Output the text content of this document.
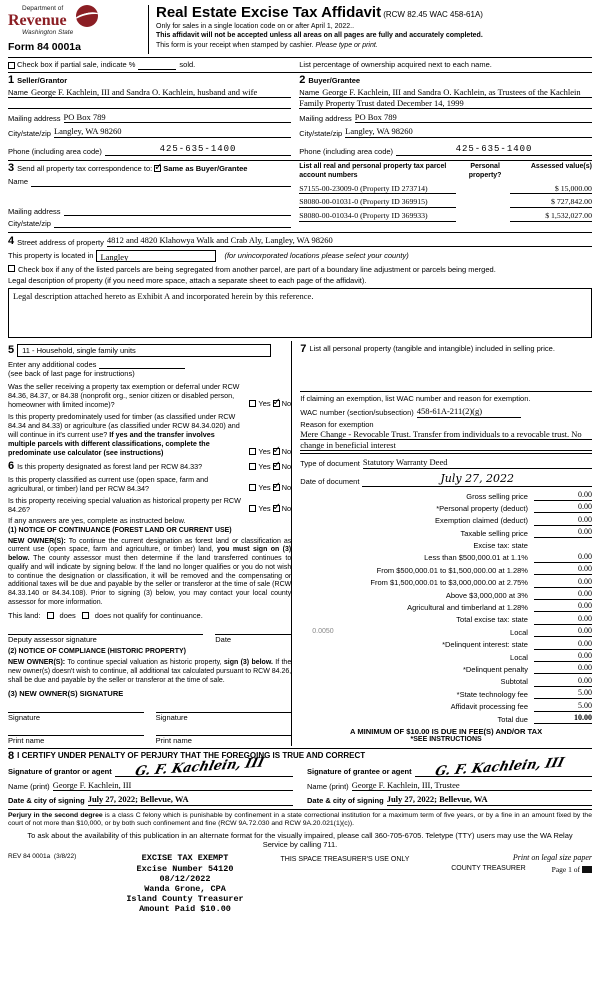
Department of
Revenue
Washington State
Form 84 0001a
Real Estate Excise Tax Affidavit (RCW 82.45 WAC 458-61A)
Only for sales in a single location code on or after April 1, 2022..
This affidavit will not be accepted unless all areas on all pages are fully and accurately completed.
This form is your receipt when stamped by cashier. Please type or print.
Check box if partial sale, indicate %	sold.	List percentage of ownership acquired next to each name.
1 Seller/Grantor
Name George F. Kachlein, III and Sandra O. Kachlein, husband and wife
Mailing address PO Box 789
City/state/zip Langley, WA 98260
Phone (including area code)	425-635-1400
2 Buyer/Grantee
Name George F. Kachlein, III and Sandra O. Kachlein, as Trustees of the Kachlein Family Property Trust dated December 14, 1999
Mailing address PO Box 789
City/state/zip Langley, WA 98260
Phone (including area code)	425-635-1400
3 Send all property tax correspondence to: ✓ Same as Buyer/Grantee
Name
Mailing address
City/state/zip
List all real and personal property tax parcel account numbers
Personal property?
Assessed value(s)
S7155-00-23009-0 (Property ID 273714)	$ 15,000.00
S8080-00-01031-0 (Property ID 369915)	$ 727,842.00
S8080-00-01034-0 (Property ID 369933)	$ 1,532,027.00
4 Street address of property 4812 and 4820 Klahowya Walk and Crab Aly, Langley, WA 98260
This property is located in Langley	(for unincorporated locations please select your county)
Check box if any of the listed parcels are being segregated from another parcel, are part of a boundary line adjustment or parcels being merged.
Legal description of property (if you need more space, attach a separate sheet to each page of the affidavit).
Legal description attached hereto as Exhibit A and incorporated herein by this reference.
5	11 - Household, single family units
Enter any additional codes
(see back of last page for instructions)
Was the seller receiving a property tax exemption or deferral under RCW 84.36, 84.37, or 84.38 (nonprofit org., senior citizen or disabled person, homeowner with limited income)?	Yes ✓ No
Is this property predominately used for timber (as classified under RCW 84.34 and 84.33) or agriculture (as classified under RCW 84.34.020) and will continue in it's current use? If yes and the transfer involves multiple parcels with different classifications, complete the predominate use calculator (see instructions)	Yes ✓ No
6 Is this property designated as forest land per RCW 84.33?	Yes ✓ No
Is this property classified as current use (open space, farm and agricultural, or timber) land per RCW 84.34?	Yes ✓ No
Is this property receiving special valuation as historical property per RCW 84.26?	Yes ✓ No
If any answers are yes, complete as instructed below.
(1) NOTICE OF CONTINUANCE (FOREST LAND OR CURRENT USE)
NEW OWNER(S): To continue the current designation as forest land or classification as current use (open space, farm and agriculture, or timber) land, you must sign on (3) below. The county assessor must then determine if the land transferred continues to qualify and will indicate by signing below. If the land no longer qualifies or you do not wish to continue the designation or classification, it will be removed and the compensating or additional taxes will be due and payable by the seller or transferor at the time of sale (RCW 84.33.140 or 84.34.108). Prior to signing (3) below, you may contact your local county assessor for more information.
This land:	does	does not qualify for continuance.
Deputy assessor signature	Date
(2) NOTICE OF COMPLIANCE (HISTORIC PROPERTY)
NEW OWNER(S): To continue special valuation as historic property, sign (3) below. If the new owner(s) doesn't wish to continue, all additional tax calculated pursuant to RCW 84.26, shall be due and payable by the seller or transferor at the time of sale.
(3) NEW OWNER(S) SIGNATURE
Signature	Signature
Print name	Print name
7 List all personal property (tangible and intangible) included in selling price.
If claiming an exemption, list WAC number and reason for exemption.
WAC number (section/subsection) 458-61A-211(2)(g)
Reason for exemption
Mere Change - Revocable Trust. Transfer from individuals to a revocable trust. No change in beneficial interest
Type of document Statutory Warranty Deed
Date of document	July 27, 2022
Gross selling price	0.00
*Personal property (deduct)	0.00
Exemption claimed (deduct)	0.00
Taxable selling price	0.00
Excise tax: state
Less than $500,000.01 at 1.1%	0.00
From $500,000.01 to $1,500,000.00 at 1.28%	0.00
From $1,500,000.01 to $3,000,000.00 at 2.75%	0.00
Above $3,000,000 at 3%	0.00
Agricultural and timberland at 1.28%	0.00
Total excise tax: state	0.00
0.0050	Local	0.00
*Delinquent interest: state	0.00
Local	0.00
*Delinquent penalty	0.00
Subtotal	0.00
*State technology fee	5.00
Affidavit processing fee	5.00
Total due	10.00
A MINIMUM OF $10.00 IS DUE IN FEE(S) AND/OR TAX
*SEE INSTRUCTIONS
8 I CERTIFY UNDER PENALTY OF PERJURY THAT THE FOREGOING IS TRUE AND CORRECT
Signature of grantor or agent G. F. Kachlein, III	Signature of grantee or agent G. F. Kachlein, III
Name (print) George F. Kachlein, III	Name (print) George F. Kachlein, III, Trustee
Date & city of signing July 27, 2022; Bellevue, WA	Date & city of signing July 27, 2022; Bellevue, WA
Perjury in the second degree is a class C felony which is punishable by confinement in a state correctional institution for a maximum term of five years, or by a fine in an amount fixed by the court of not more than $10,000, or by both such confinement and fine (RCW 9A.72.030 and RCW 9A.20.021(1)(c)).
To ask about the availability of this publication in an alternate format for the visually impaired, please call 360-705-6705. Teletype (TTY) users may use the WA Relay Service by calling 711.
REV 84 0001a (3/8/22)	EXCISE TAX EXEMPT
Excise Number 54120
08/12/2022
Wanda Grone, CPA
Island County Treasurer
Amount Paid $10.00
THIS SPACE TREASURER'S USE ONLY	Print on legal size paper
COUNTY TREASURER	Page 1 of
